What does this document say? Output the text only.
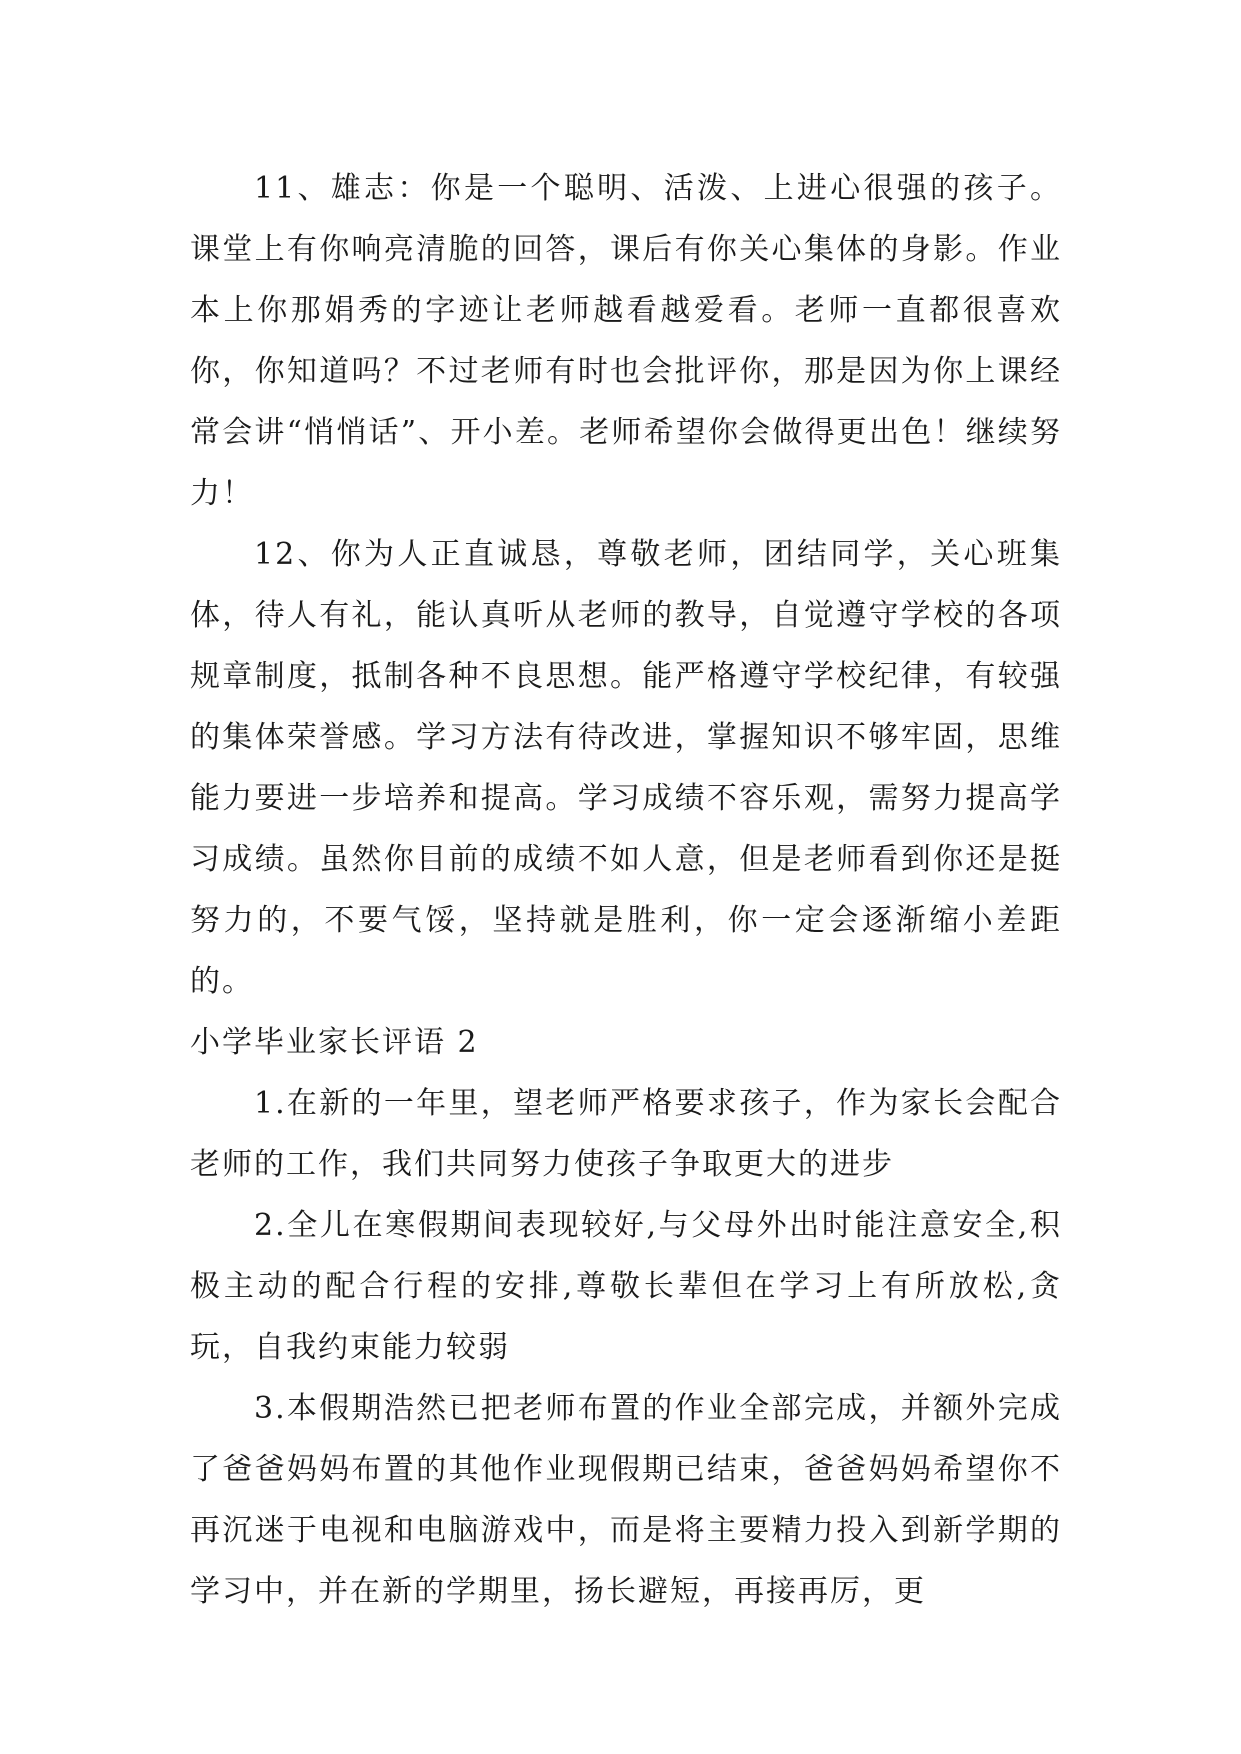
11、雄志：你是一个聪明、活泼、上进心很强的孩子。课堂上有你响亮清脆的回答，课后有你关心集体的身影。作业本上你那娟秀的字迹让老师越看越爱看。老师一直都很喜欢你，你知道吗？不过老师有时也会批评你，那是因为你上课经常会讲“悄悄话”、开小差。老师希望你会做得更出色！继续努力！

12、你为人正直诚恳，尊敬老师，团结同学，关心班集体，待人有礼，能认真听从老师的教导，自觉遵守学校的各项规章制度，抵制各种不良思想。能严格遵守学校纪律，有较强的集体荣誉感。学习方法有待改进，掌握知识不够牢固，思维能力要进一步培养和提高。学习成绩不容乐观，需努力提高学习成绩。虽然你目前的成绩不如人意，但是老师看到你还是挺努力的，不要气馁，坚持就是胜利，你一定会逐渐缩小差距的。

小学毕业家长评语 2

1.在新的一年里，望老师严格要求孩子，作为家长会配合老师的工作，我们共同努力使孩子争取更大的进步

2.全儿在寒假期间表现较好,与父母外出时能注意安全,积极主动的配合行程的安排,尊敬长辈但在学习上有所放松,贪玩，自我约束能力较弱

3.本假期浩然已把老师布置的作业全部完成，并额外完成了爸爸妈妈布置的其他作业现假期已结束，爸爸妈妈希望你不再沉迷于电视和电脑游戏中，而是将主要精力投入到新学期的学习中，并在新的学期里，扬长避短，再接再厉，更
